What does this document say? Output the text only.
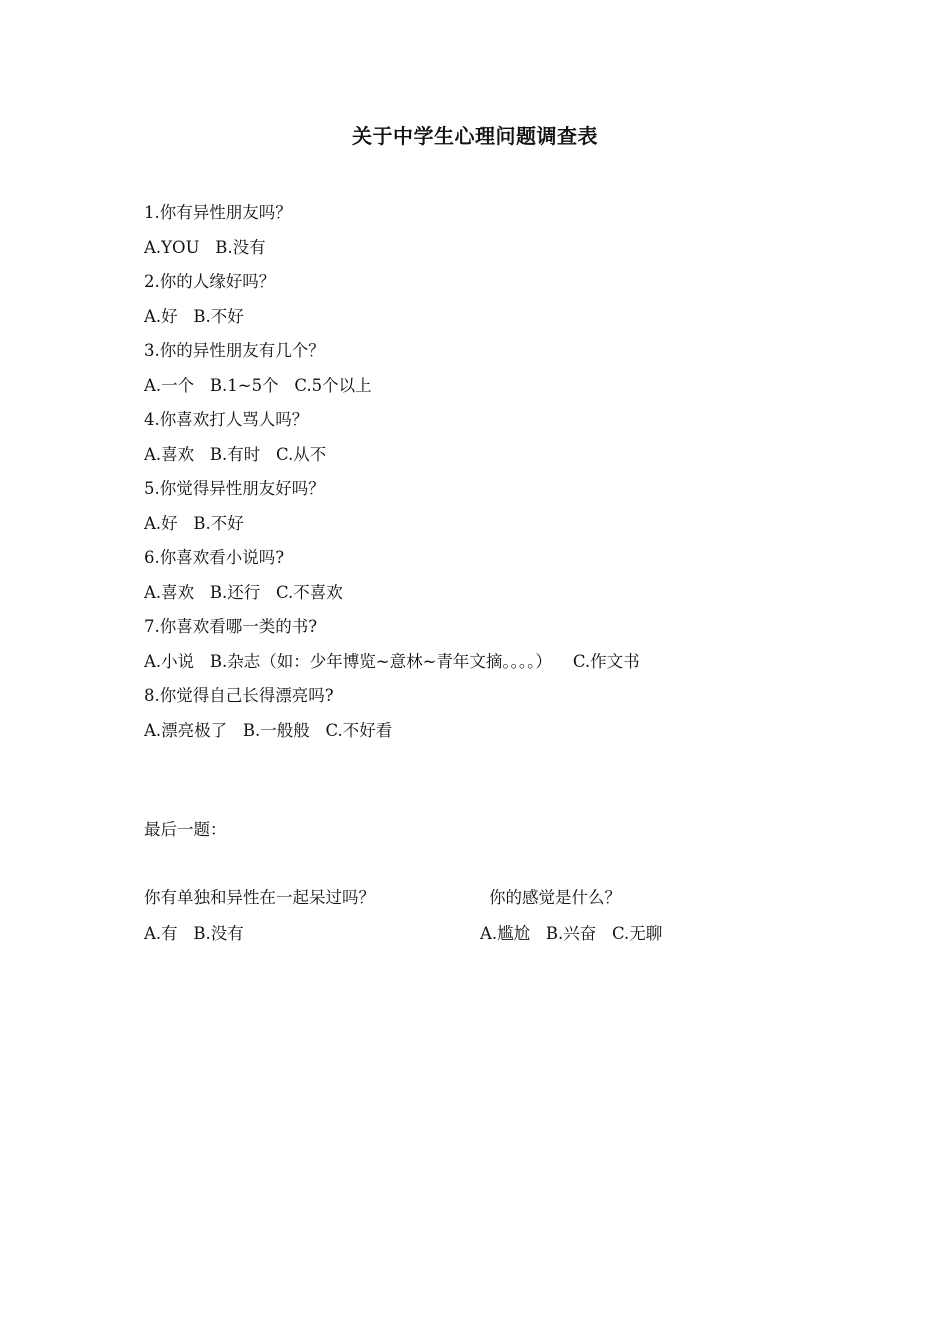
关于中学生心理问题调查表
1.你有异性朋友吗？
A.YOU   B.没有
2.你的人缘好吗？
A.好   B.不好
3.你的异性朋友有几个？
A.一个   B.1~5个   C.5个以上
4.你喜欢打人骂人吗？
A.喜欢   B.有时   C.从不
5.你觉得异性朋友好吗？
A.好   B.不好
6.你喜欢看小说吗?
A.喜欢   B.还行   C.不喜欢
7.你喜欢看哪一类的书?
A.小说   B.杂志（如：少年博览~意林~青年文摘。。。。）    C.作文书
8.你觉得自己长得漂亮吗?
A.漂亮极了   B.一般般   C.不好看
最后一题：
你有单独和异性在一起呆过吗？
A.有   B.没有
你的感觉是什么？
A.尴尬   B.兴奋   C.无聊
